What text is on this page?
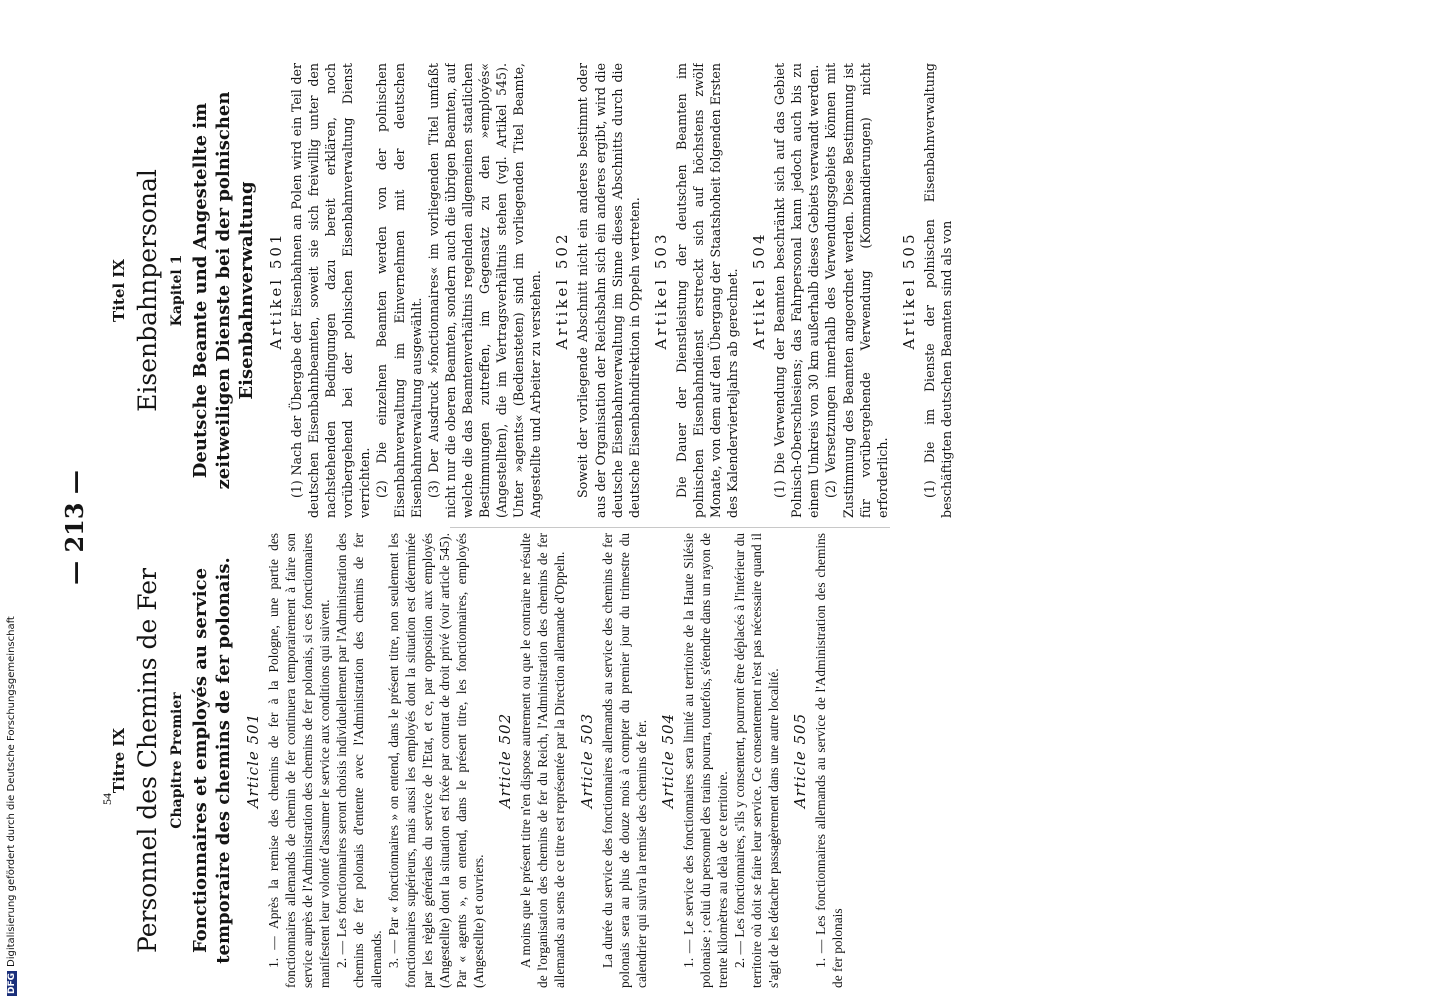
— 213 —
Titre IX Personnel des Chemins de Fer Chapitre Premier Fonctionnaires et employés au service temporaire des chemins de fer polonais. Article 501 1. — Après la remise des chemins de fer à la Pologne, une partie des fonctionnaires allemands de chemin de fer continuera temporairement à faire son service auprès de l'Administration des chemins de fer polonais, si ces fonctionnaires manifestent leur volonté d'assumer le service aux conditions qui suivent. 2. — Les fonctionnaires seront choisis individuellement par l'Administration des chemins de fer polonais d'entente avec l'Administration des chemins de fer allemands. 3. — Par « fonctionnaires » on entend, dans le présent titre, non seulement les fonctionnaires supérieurs, mais aussi les employés dont la situation est déterminée par les règles générales du service de l'Etat, et ce, par opposition aux employés (Angestellte) dont la situation est fixée par contrat de droit privé (voir article 545). Par « agents », on entend, dans le présent titre, les fonctionnaires, employés (Angestellte) et ouvriers.

Article 502 A moins que le présent titre n'en dispose autrement ou que le contraire ne résulte de l'organisation des chemins de fer du Reich, l'Administration des chemins de fer allemands au sens de ce titre est représentée par la Direction allemande d'Oppeln. Article 503 La durée du service des fonctionnaires allemands au service des chemins de fer polonais sera au plus de douze mois à compter du premier jour du trimestre du calendrier qui suivra la remise des chemins de fer. Article 504 1. — Le service des fonctionnaires sera limité au territoire de la Haute Silésie polonaise ; celui du personnel des trains pourra, toutefois, s'étendre dans un rayon de trente kilomètres au delà de ce territoire. 2. — Les fonctionnaires, s'ils y consentent, pourront être déplacés à l'intérieur du territoire où doit se faire leur service. Ce consentement n'est pas nécessaire quand il s'agit de les détacher passagèrement dans une autre localité. Article 505 1. — Les fonctionnaires allemands au service de l'Administration des chemins de fer polonais

Titel IX Eisenbahnpersonal Kapitel 1 Deutsche Beamte und Angestellte im zeitweiligen Dienste bei der polnischen Eisenbahnverwaltung Artikel 501 (1) Nach der Übergabe der Eisenbahnen an Polen wird ein Teil der deutschen Eisenbahnbeamten, soweit sie sich freiwillig unter den nachstehenden Bedingungen dazu bereit erklären, noch vorübergehend bei der polnischen Eisenbahnverwaltung Dienst verrichten. (2) Die einzelnen Beamten werden von der polnischen Eisenbahnverwaltung im Einvernehmen mit der deutschen Eisenbahnverwaltung ausgewählt. (3) Der Ausdruck »fonctionnaires« im vorliegenden Titel umfaßt nicht nur die oberen Beamten, sondern auch die übrigen Beamten, auf welche die das Beamtenverhältnis regelnden allgemeinen staatlichen Bestimmungen zutreffen, im Gegensatz zu den »employés« (Angestellten), die im Vertragsverhältnis stehen (vgl. Artikel 545). Unter »agents« (Bediensteten) sind im vorliegenden Titel Beamte, Angestellte und Arbeiter zu verstehen. Artikel 502 Soweit der vorliegende Abschnitt nicht ein anderes bestimmt oder aus der Organisation der Reichsbahn sich ein anderes ergibt, wird die deutsche Eisenbahnverwaltung im Sinne dieses Abschnitts durch die deutsche Eisenbahndirektion in Oppeln vertreten. Artikel 503 Die Dauer der Dienstleistung der deutschen Beamten im polnischen Eisenbahndienst erstreckt sich auf höchstens zwölf Monate, von dem auf den Übergang der Staatshoheit folgenden Ersten des Kalendervierteljahrs ab gerechnet. Artikel 504 (1) Die Verwendung der Beamten beschränkt sich auf das Gebiet Polnisch-Oberschlesiens; das Fahrpersonal kann jedoch auch bis zu einem Umkreis von 30 km außerhalb dieses Gebiets verwandt werden. (2) Versetzungen innerhalb des Verwendungsgebiets können mit Zustimmung des Beamten angeordnet werden. Diese Bestimmung ist für vorübergehende Verwendung (Kommandierungen) nicht erforderlich.

Artikel 505 (1) Die im Dienste der polnischen Eisenbahnverwaltung beschäftigten deutschen Beamten sind als von

54
DFGDigitalisierung gefördert durch die Deutsche Forschungsgemeinschaft
